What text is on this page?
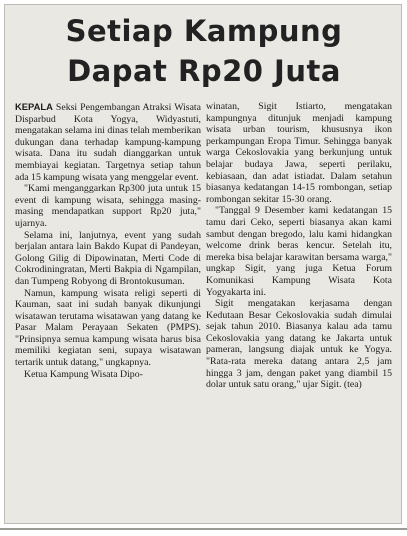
Setiap Kampung
Dapat Rp20 Juta

KEPALA Seksi Pengembangan Atraksi Wisata Disparbud Kota Yogya, Widyastuti, mengatakan selama ini dinas telah memberikan dukungan dana terhadap kampung-kampung wisata. Dana itu sudah dianggarkan untuk membiayai kegiatan. Targetnya setiap tahun ada 15 kampung wisata yang menggelar event.

"Kami menganggarkan Rp300 juta untuk 15 event di kampung wisata, sehingga masing-masing mendapatkan support Rp20 juta," ujarnya.

Selama ini, lanjutnya, event yang sudah berjalan antara lain Bakdo Kupat di Pandeyan, Golong Gilig di Dipowinatan, Merti Code di Cokrodiningratan, Merti Bakpia di Ngampilan, dan Tumpeng Robyong di Brontokusuman.

Namun, kampung wisata religi seperti di Kauman, saat ini sudah banyak dikunjungi wisatawan terutama wisatawan yang datang ke Pasar Malam Perayaan Sekaten (PMPS). "Prinsipnya semua kampung wisata harus bisa memiliki kegiatan seni, supaya wisatawan tertarik untuk datang," ungkapnya.

Ketua Kampung Wisata Dipo-

winatan, Sigit Istiarto, mengatakan kampungnya ditunjuk menjadi kampung wisata urban tourism, khususnya ikon perkampungan Eropa Timur. Sehingga banyak warga Cekoslovakia yang berkunjung untuk belajar budaya Jawa, seperti perilaku, kebiasaan, dan adat istiadat. Dalam setahun biasanya kedatangan 14-15 rombongan, setiap rombongan sekitar 15-30 orang.

"Tanggal 9 Desember kami kedatangan 15 tamu dari Ceko, seperti biasanya akan kami sambut dengan bregodo, lalu kami hidangkan welcome drink beras kencur. Setelah itu, mereka bisa belajar karawitan bersama warga," ungkap Sigit, yang juga Ketua Forum Komunikasi Kampung Wisata Kota Yogyakarta ini.

Sigit mengatakan kerjasama dengan Kedutaan Besar Cekoslovakia sudah dimulai sejak tahun 2010. Biasanya kalau ada tamu Cekoslovakia yang datang ke Jakarta untuk pameran, langsung diajak untuk ke Yogya. "Rata-rata mereka datang antara 2,5 jam hingga 3 jam, dengan paket yang diambil 15 dolar untuk satu orang," ujar Sigit. (tea)
